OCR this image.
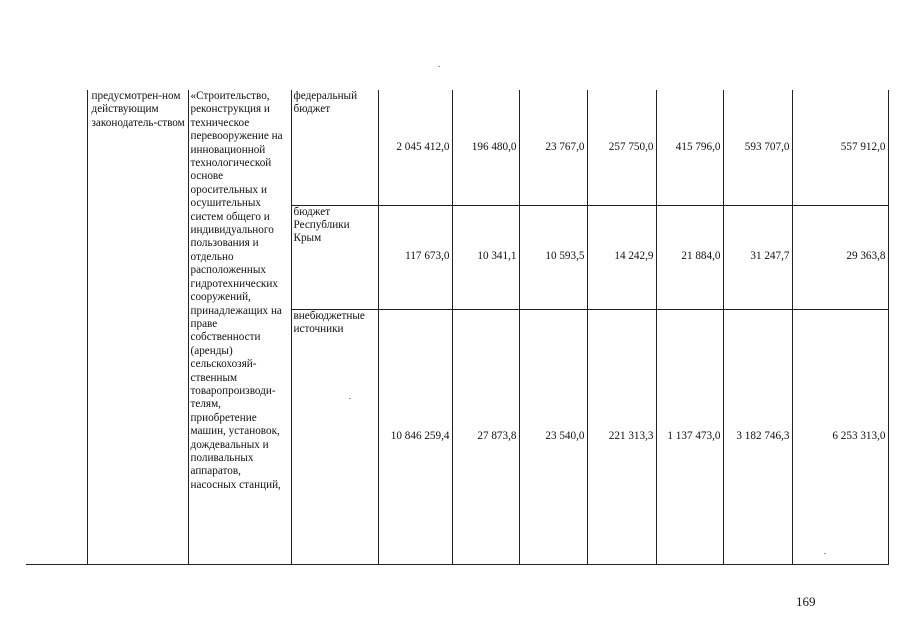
	предусмотрен-ном действующим законодатель-ством	«Строительство, реконструкция и техническое перевооружение на инновационной технологической основе оросительных и осушительных систем общего и индивидуального пользования и отдельно расположенных гидротехнических сооружений, принадлежащих на праве собственности (аренды) сельскохозяй-ственным товаропроизводи-телям, приобретение машин, установок, дождевальных и поливальных аппаратов, насосных станций,	федеральный бюджет	2 045 412,0	196 480,0	23 767,0	257 750,0	415 796,0	593 707,0	557 912,0
			бюджет Республики Крым	117 673,0	10 341,1	10 593,5	14 242,9	21 884,0	31 247,7	29 363,8
			внебюджетные источники	10 846 259,4	27 873,8	23 540,0	221 313,3	1 137 473,0	3 182 746,3	6 253 313,0
169
